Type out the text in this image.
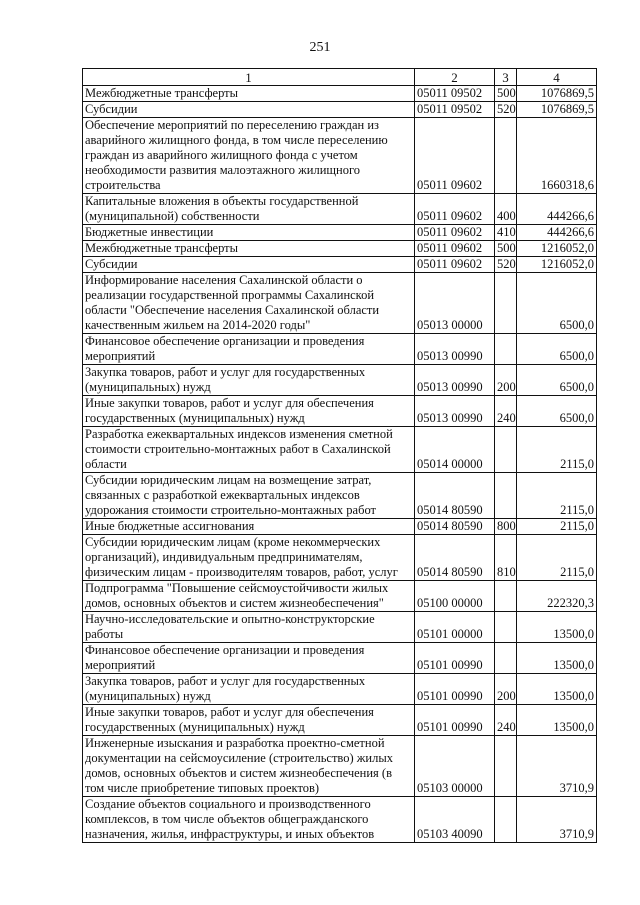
251
1	2	3	4
Межбюджетные трансферты	05011 09502	500	1076869,5
Субсидии	05011 09502	520	1076869,5
Обеспечение мероприятий по переселению граждан из аварийного жилищного фонда, в том числе переселению граждан из аварийного жилищного фонда с учетом необходимости развития малоэтажного жилищного строительства	05011 09602		1660318,6
Капитальные вложения в объекты государственной (муниципальной) собственности	05011 09602	400	444266,6
Бюджетные инвестиции	05011 09602	410	444266,6
Межбюджетные трансферты	05011 09602	500	1216052,0
Субсидии	05011 09602	520	1216052,0
Информирование населения Сахалинской области о реализации государственной программы Сахалинской области "Обеспечение населения Сахалинской области качественным жильем на 2014-2020 годы"	05013 00000		6500,0
Финансовое обеспечение организации и проведения мероприятий	05013 00990		6500,0
Закупка товаров, работ и услуг для государственных (муниципальных) нужд	05013 00990	200	6500,0
Иные закупки товаров, работ и услуг для обеспечения государственных (муниципальных) нужд	05013 00990	240	6500,0
Разработка ежеквартальных индексов изменения сметной стоимости строительно-монтажных работ в Сахалинской области	05014 00000		2115,0
Субсидии юридическим лицам на возмещение затрат, связанных с разработкой ежеквартальных индексов удорожания стоимости строительно-монтажных работ	05014 80590		2115,0
Иные бюджетные ассигнования	05014 80590	800	2115,0
Субсидии юридическим лицам (кроме некоммерческих организаций), индивидуальным предпринимателям, физическим лицам - производителям товаров, работ, услуг	05014 80590	810	2115,0
Подпрограмма "Повышение сейсмоустойчивости жилых домов, основных объектов и систем жизнеобеспечения"	05100 00000		222320,3
Научно-исследовательские и опытно-конструкторские работы	05101 00000		13500,0
Финансовое обеспечение организации и проведения мероприятий	05101 00990		13500,0
Закупка товаров, работ и услуг для государственных (муниципальных) нужд	05101 00990	200	13500,0
Иные закупки товаров, работ и услуг для обеспечения государственных (муниципальных) нужд	05101 00990	240	13500,0
Инженерные изыскания и разработка проектно-сметной документации на сейсмоусиление (строительство) жилых домов, основных объектов и систем жизнеобеспечения (в том числе приобретение типовых проектов)	05103 00000		3710,9
Создание объектов социального и производственного комплексов, в том числе объектов общегражданского назначения, жилья, инфраструктуры, и иных объектов	05103 40090		3710,9
